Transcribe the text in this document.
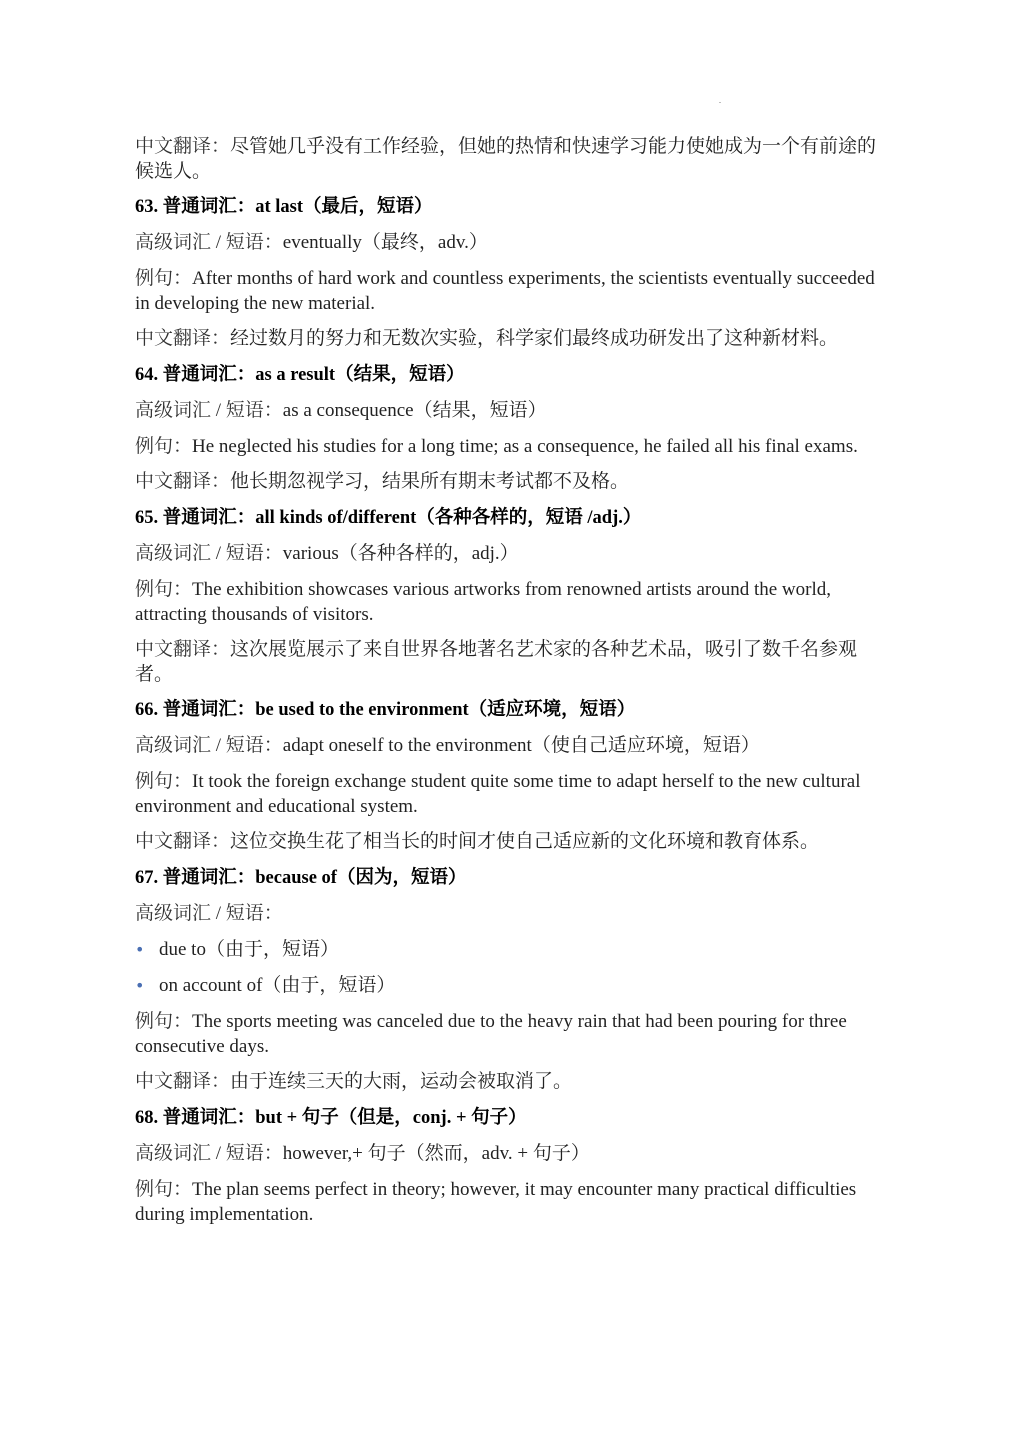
.

中文翻译：尽管她几乎没有工作经验，但她的热情和快速学习能力使她成为一个有前途的候选人。

63. 普通词汇：at last（最后，短语）

高级词汇 / 短语：eventually（最终，adv.）

例句：After months of hard work and countless experiments, the scientists eventually succeeded in developing the new material.

中文翻译：经过数月的努力和无数次实验，科学家们最终成功研发出了这种新材料。

64. 普通词汇：as a result（结果，短语）

高级词汇 / 短语：as a consequence（结果，短语）

例句：He neglected his studies for a long time; as a consequence, he failed all his final exams.

中文翻译：他长期忽视学习，结果所有期末考试都不及格。

65. 普通词汇：all kinds of/different（各种各样的，短语 /adj.）

高级词汇 / 短语：various（各种各样的，adj.）

例句：The exhibition showcases various artworks from renowned artists around the world, attracting thousands of visitors.

中文翻译：这次展览展示了来自世界各地著名艺术家的各种艺术品，吸引了数千名参观者。

66. 普通词汇：be used to the environment（适应环境，短语）

高级词汇 / 短语：adapt oneself to the environment（使自己适应环境，短语）

例句：It took the foreign exchange student quite some time to adapt herself to the new cultural environment and educational system.

中文翻译：这位交换生花了相当长的时间才使自己适应新的文化环境和教育体系。

67. 普通词汇：because of（因为，短语）

高级词汇 / 短语：

• due to（由于，短语）
• on account of（由于，短语）

例句：The sports meeting was canceled due to the heavy rain that had been pouring for three consecutive days.

中文翻译：由于连续三天的大雨，运动会被取消了。

68. 普通词汇：but + 句子（但是，conj. + 句子）

高级词汇 / 短语：however,+ 句子（然而，adv. + 句子）

例句：The plan seems perfect in theory; however, it may encounter many practical difficulties during implementation.
